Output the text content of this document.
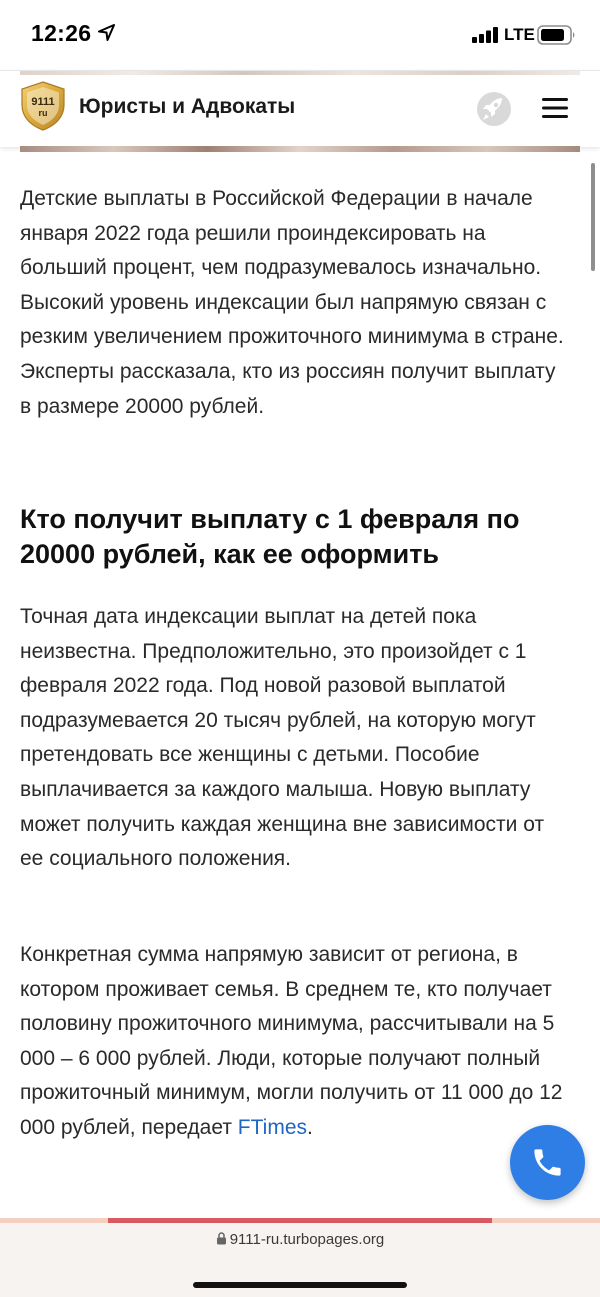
12:26	LTE
9111
ru Юристы и Адвокаты

Детские выплаты в Российской Федерации в начале января 2022 года решили проиндексировать на больший процент, чем подразумевалось изначально. Высокий уровень индексации был напрямую связан с резким увеличением прожиточного минимума в стране. Эксперты рассказала, кто из россиян получит выплату в размере 20000 рублей.

Кто получит выплату с 1 февраля по 20000 рублей, как ее оформить

Точная дата индексации выплат на детей пока неизвестна. Предположительно, это произойдет с 1 февраля 2022 года. Под новой разовой выплатой подразумевается 20 тысяч рублей, на которую могут претендовать все женщины с детьми. Пособие выплачивается за каждого малыша. Новую выплату может получить каждая женщина вне зависимости от ее социального положения.

Конкретная сумма напрямую зависит от региона, в котором проживает семья. В среднем те, кто получает половину прожиточного минимума, рассчитывали на 5 000 – 6 000 рублей. Люди, которые получают полный прожиточный минимум, могли получить от 11 000 до 12 000 рублей, передает FTimes.

9111-ru.turbopages.org
